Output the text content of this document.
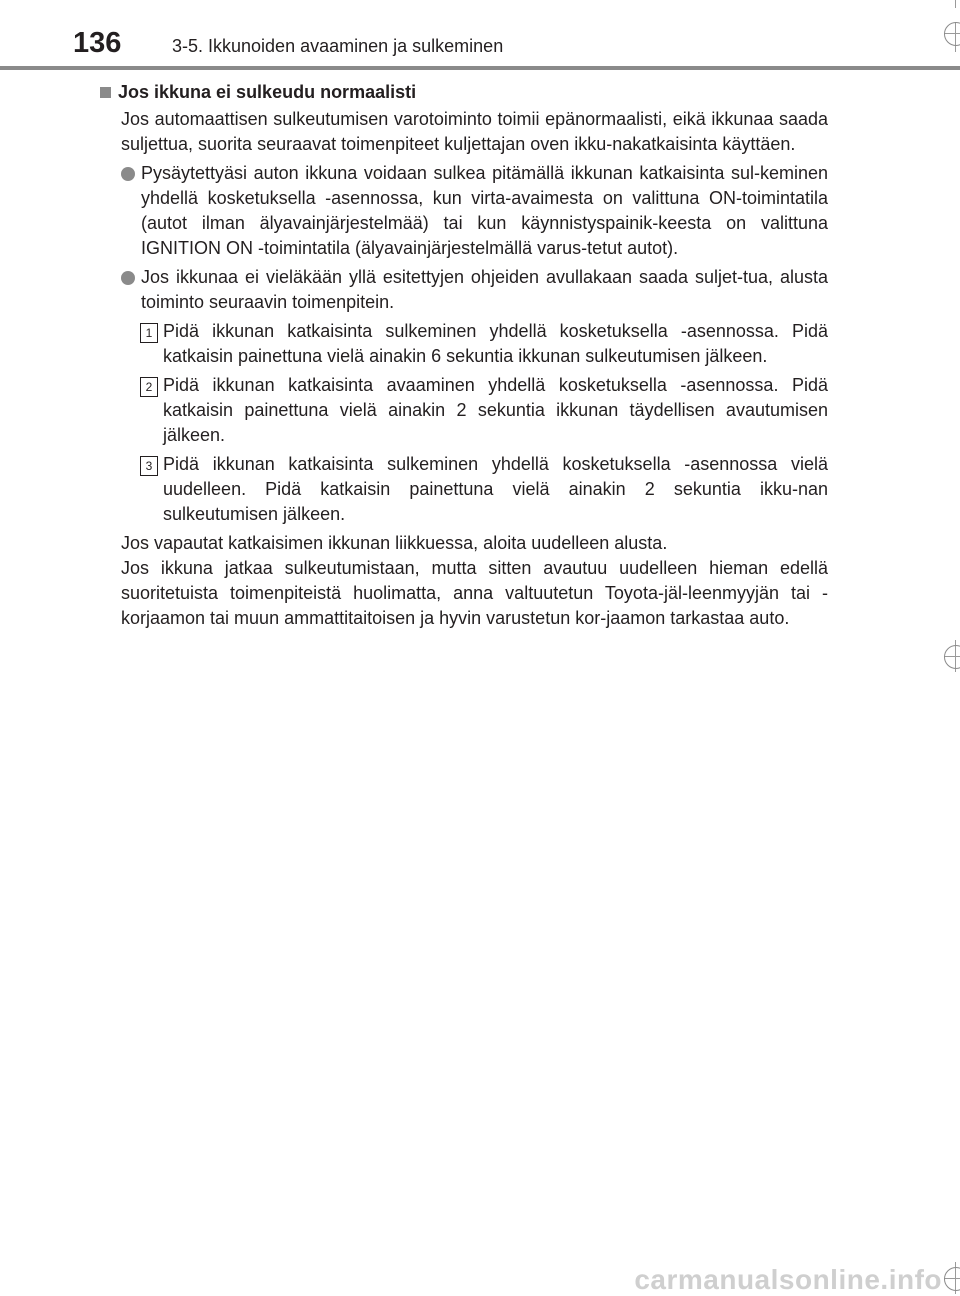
136	3-5. Ikkunoiden avaaminen ja sulkeminen
Jos ikkuna ei sulkeudu normaalisti
Jos automaattisen sulkeutumisen varotoiminto toimii epänormaalisti, eikä ikkunaa saada suljettua, suorita seuraavat toimenpiteet kuljettajan oven ikku-nakatkaisinta käyttäen.
Pysäytettyäsi auton ikkuna voidaan sulkea pitämällä ikkunan katkaisinta sul-keminen yhdellä kosketuksella -asennossa, kun virta-avaimesta on valittuna ON-toimintatila (autot ilman älyavainjärjestelmää) tai kun käynnistyspainik-keesta on valittuna IGNITION ON -toimintatila (älyavainjärjestelmällä varus-tetut autot).
Jos ikkunaa ei vieläkään yllä esitettyjen ohjeiden avullakaan saada suljet-tua, alusta toiminto seuraavin toimenpitein.
1 Pidä ikkunan katkaisinta sulkeminen yhdellä kosketuksella -asennossa. Pidä katkaisin painettuna vielä ainakin 6 sekuntia ikkunan sulkeutumisen jälkeen.
2 Pidä ikkunan katkaisinta avaaminen yhdellä kosketuksella -asennossa. Pidä katkaisin painettuna vielä ainakin 2 sekuntia ikkunan täydellisen avautumisen jälkeen.
3 Pidä ikkunan katkaisinta sulkeminen yhdellä kosketuksella -asennossa vielä uudelleen. Pidä katkaisin painettuna vielä ainakin 2 sekuntia ikku-nan sulkeutumisen jälkeen.
Jos vapautat katkaisimen ikkunan liikkuessa, aloita uudelleen alusta.
Jos ikkuna jatkaa sulkeutumistaan, mutta sitten avautuu uudelleen hieman edellä suoritetuista toimenpiteistä huolimatta, anna valtuutetun Toyota-jäl-leenmyyjän tai -korjaamon tai muun ammattitaitoisen ja hyvin varustetun kor-jaamon tarkastaa auto.
carmanualsonline.info
